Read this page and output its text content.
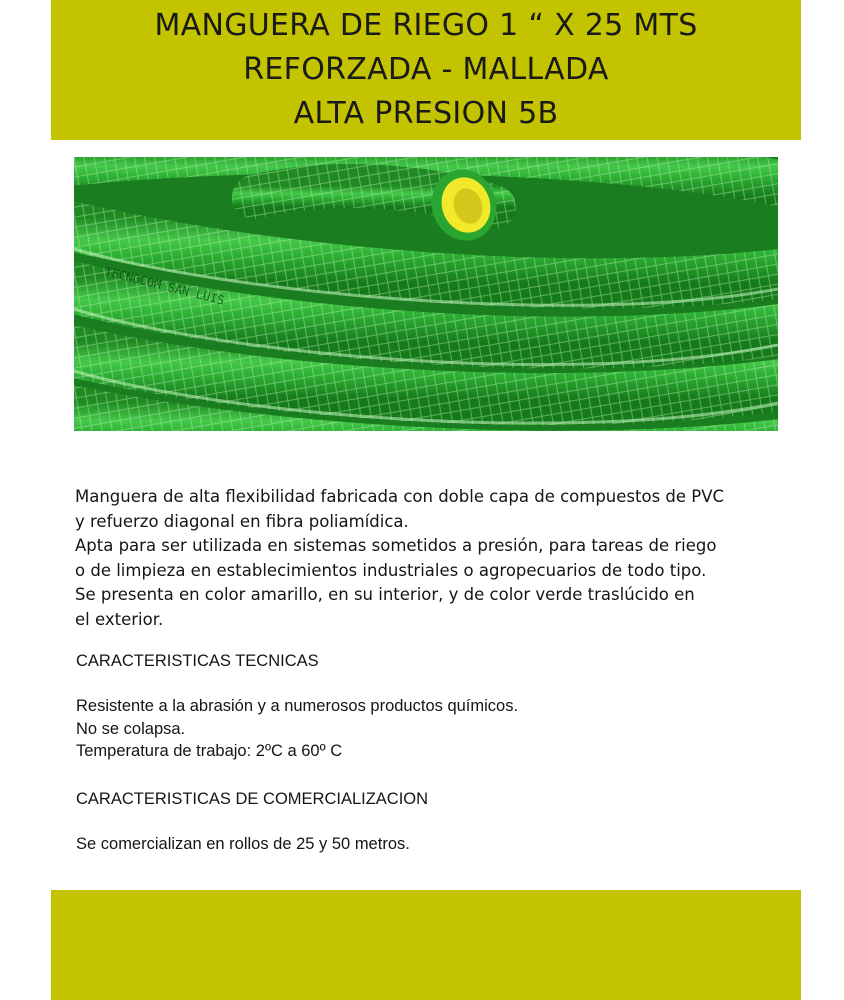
MANGUERA DE RIEGO 1 “ X 25 MTS
REFORZADA - MALLADA
ALTA PRESION 5B
TECNOCOM SAN LUIS

Manguera de alta flexibilidad fabricada con doble capa de compuestos de PVC

y refuerzo diagonal en fibra poliamídica.

Apta para ser utilizada en sistemas sometidos a presión, para tareas de riego

o de limpieza en establecimientos industriales o agropecuarios de todo tipo.

Se presenta en color amarillo, en su interior, y de color verde traslúcido en

el exterior.

CARACTERISTICAS TECNICAS

Resistente a la abrasión y a numerosos productos químicos.

No se colapsa.

Temperatura de trabajo: 2ºC a 60º C

CARACTERISTICAS DE COMERCIALIZACION

Se comercializan en rollos de 25 y 50 metros.
